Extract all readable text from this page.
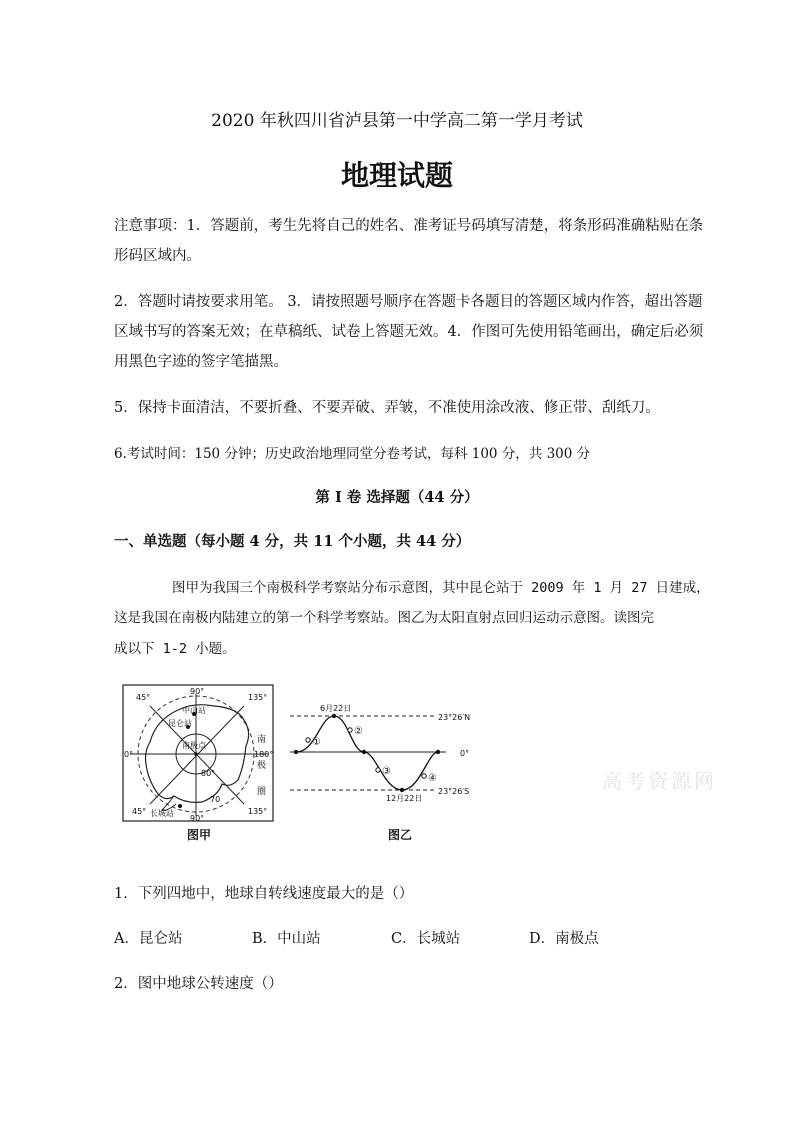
2020 年秋四川省泸县第一中学高二第一学月考试
地理试题
注意事项：1．答题前，考生先将自己的姓名、准考证号码填写清楚，将条形码准确粘贴在条
形码区域内。
2．答题时请按要求用笔。 3．请按照题号顺序在答题卡各题目的答题区域内作答，超出答题
区域书写的答案无效；在草稿纸、试卷上答题无效。4．作图可先使用铅笔画出，确定后必须
用黑色字迹的签字笔描黑。
5．保持卡面清洁，不要折叠、不要弄破、弄皱，不准使用涂改液、修正带、刮纸刀。
6.考试时间：150 分钟；历史政治地理同堂分卷考试，每科 100 分，共 300 分
第 I 卷 选择题（44 分）
一、单选题（每小题 4 分，共 11 个小题，共 44 分）
图甲为我国三个南极科学考察站分布示意图，其中昆仑站于 2009 年 1 月 27 日建成，
这是我国在南极内陆建立的第一个科学考察站。图乙为太阳直射点回归运动示意图。读图完
成以下 1-2 小题。
90°
45°	135°
0°	180°
45°	135°
90°
中山站
昆仑站
南极点
80°
70
长城站
南
极
圈
图甲
6月22日
12月22日
23°26′N
0°
23°26′S
①
②
③
④
图乙
高考资源网
1．下列四地中，地球自转线速度最大的是（）
A．昆仑站	B．中山站	C．长城站	D．南极点
2．图中地球公转速度（）
